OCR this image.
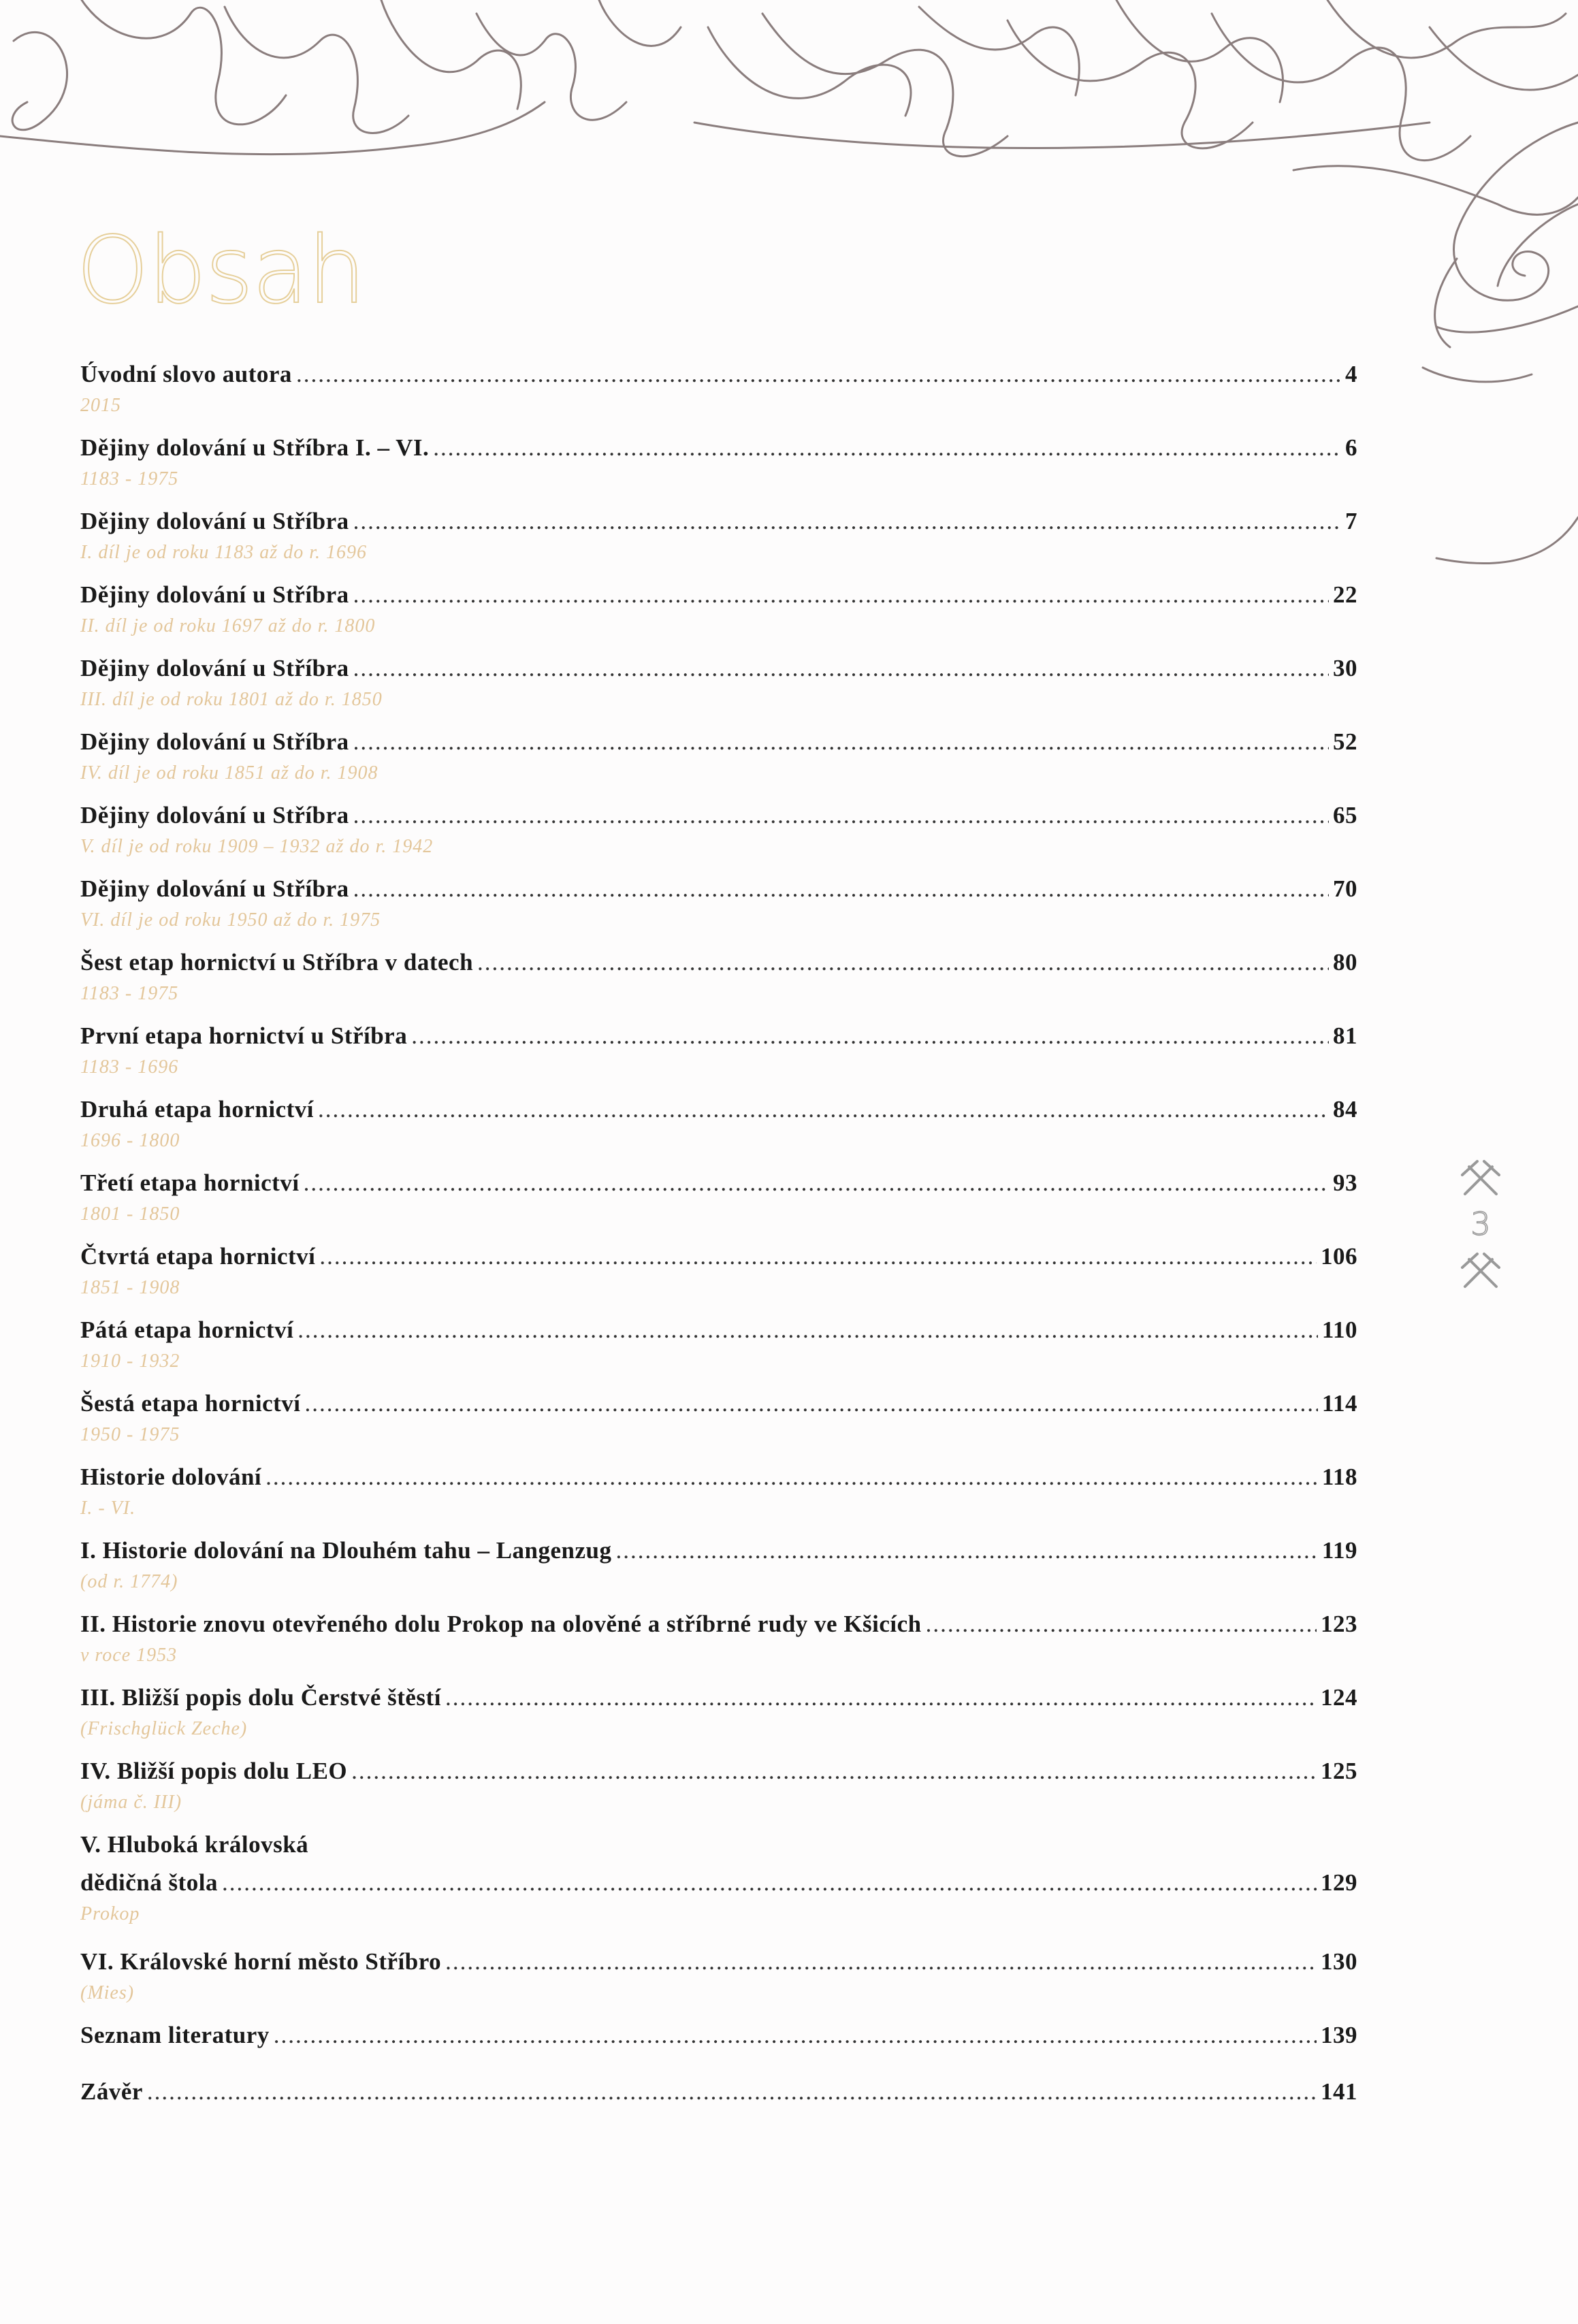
Obsah
Úvodní slovo autora .....	4
2015
Dějiny dolování u Stříbra I. – VI. .....	6
1183 - 1975
Dějiny dolování u Stříbra .....	7
I. díl je od roku 1183 až do r. 1696
Dějiny dolování u Stříbra .....	22
II. díl je od roku 1697 až do r. 1800
Dějiny dolování u Stříbra .....	30
III. díl je od roku 1801 až do r. 1850
Dějiny dolování u Stříbra .....	52
IV. díl je od roku 1851 až do r. 1908
Dějiny dolování u Stříbra .....	65
V. díl je od roku 1909 – 1932 až do r. 1942
Dějiny dolování u Stříbra .....	70
VI. díl je od roku 1950 až do r. 1975
Šest etap hornictví u Stříbra v datech .....	80
1183 - 1975
První etapa hornictví u Stříbra .....	81
1183 - 1696
Druhá etapa hornictví .....	84
1696 - 1800
Třetí etapa hornictví .....	93
1801 - 1850
Čtvrtá etapa hornictví .....	106
1851 - 1908
Pátá etapa hornictví .....	110
1910 - 1932
Šestá etapa hornictví .....	114
1950 - 1975
Historie dolování .....	118
I. - VI.
I. Historie dolování na Dlouhém tahu – Langenzug .....	119
(od r. 1774)
II. Historie znovu otevřeného dolu Prokop na olověné a stříbrné rudy ve Kšicích .....	123
v roce 1953
III. Bližší popis dolu Čerstvé štěstí .....	124
(Frischglück Zeche)
IV. Bližší popis dolu LEO .....	125
(jáma č. III)
V. Hluboká královská
dědičná štola .....	129
Prokop
VI. Královské horní město Stříbro .....	130
(Mies)
Seznam literatury .....	139
Závěr .....	141
3
